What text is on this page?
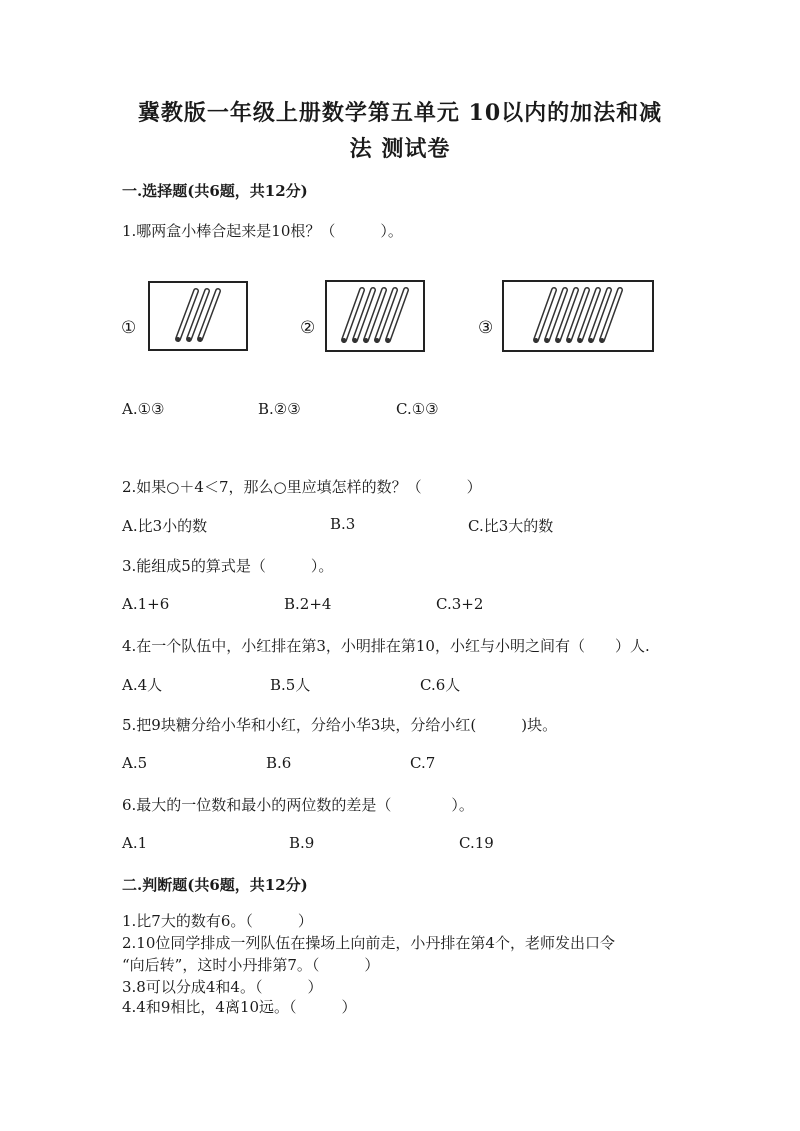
冀教版一年级上册数学第五单元 10以内的加法和减
法 测试卷
一.选择题(共6题，共12分)
1.哪两盒小棒合起来是10根？（　　　）。
①	②	③
A.①③	B.②③	C.①③
2.如果○＋4＜7，那么○里应填怎样的数？（　　　）
A.比3小的数	B.3	C.比3大的数
3.能组成5的算式是（　　　）。
A.1+6	B.2+4	C.3+2
4.在一个队伍中，小红排在第3，小明排在第10，小红与小明之间有（　　）人.
A.4人	B.5人	C.6人
5.把9块糖分给小华和小红，分给小华3块，分给小红(　　　)块。
A.5	B.6	C.7
6.最大的一位数和最小的两位数的差是（　　　　）。
A.1	B.9	C.19
二.判断题(共6题，共12分)
1.比7大的数有6。（　　　）
2.10位同学排成一列队伍在操场上向前走，小丹排在第4个，老师发出口令
“向后转”，这时小丹排第7。（　　　）
3.8可以分成4和4。（　　　）
4.4和9相比，4离10远。（　　　）
